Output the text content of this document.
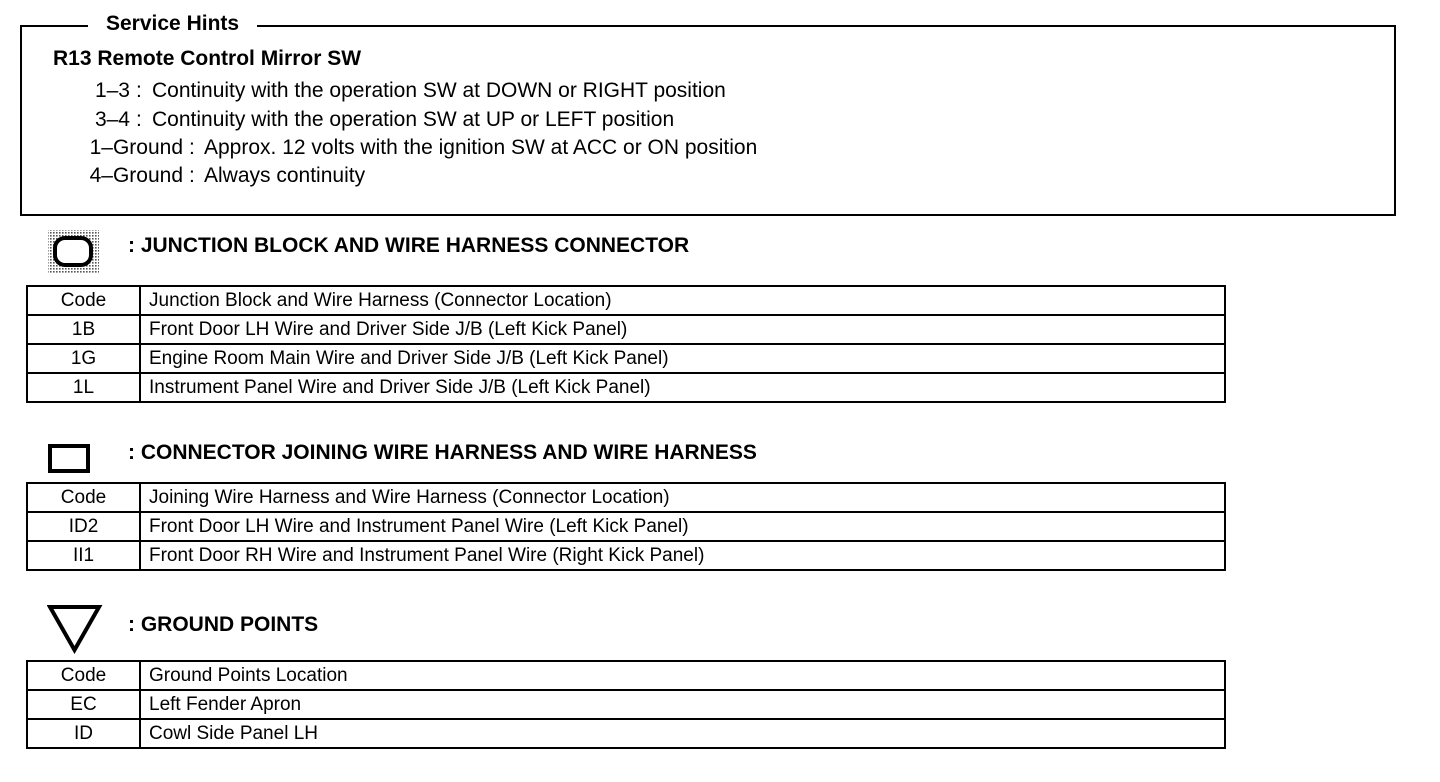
Service Hints
R13 Remote Control Mirror SW
1–3 : Continuity with the operation SW at DOWN or RIGHT position
3–4 : Continuity with the operation SW at UP or LEFT position
1–Ground : Approx. 12 volts with the ignition SW at ACC or ON position
4–Ground : Always continuity
: JUNCTION BLOCK AND WIRE HARNESS CONNECTOR
Code	Junction Block and Wire Harness (Connector Location)
1B	Front Door LH Wire and Driver Side J/B (Left Kick Panel)
1G	Engine Room Main Wire and Driver Side J/B (Left Kick Panel)
1L	Instrument Panel Wire and Driver Side J/B (Left Kick Panel)
: CONNECTOR JOINING WIRE HARNESS AND WIRE HARNESS
Code	Joining Wire Harness and Wire Harness (Connector Location)
ID2	Front Door LH Wire and Instrument Panel Wire (Left Kick Panel)
II1	Front Door RH Wire and Instrument Panel Wire (Right Kick Panel)
: GROUND POINTS
Code	Ground Points Location
EC	Left Fender Apron
ID	Cowl Side Panel LH
